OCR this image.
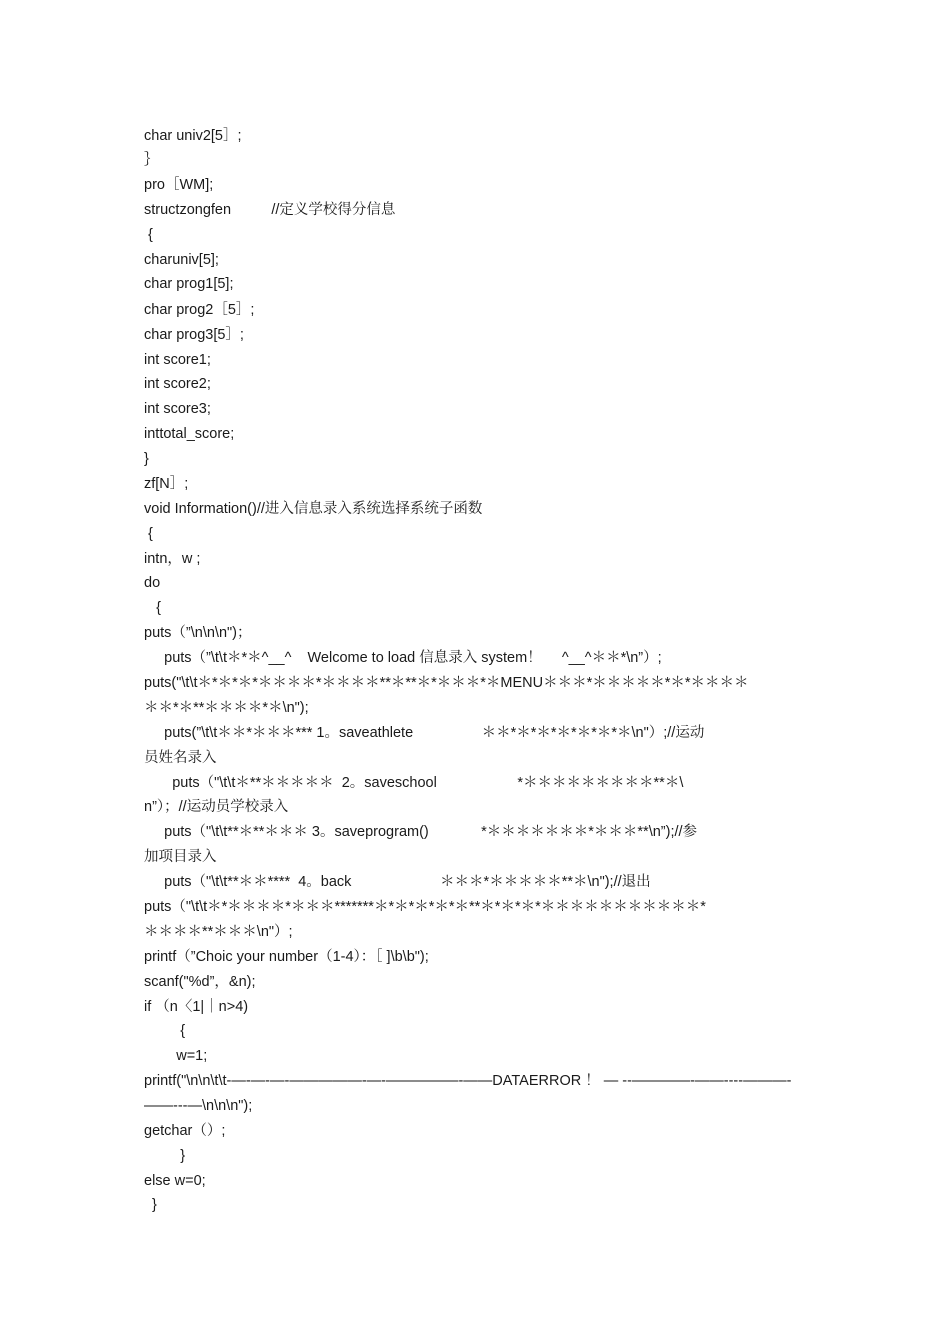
char univ2[5］;
｝
pro［WM];
structzongfen          //定义学校得分信息
{
charuniv[5];
char prog1[5];
char prog2［5］;
char prog3[5］;
int score1;
int score2;
int score3;
inttotal_score;
}
zf[N］;
void Information()//进入信息录入系统选择系统子函数
{
intn，w ;
do
{
puts（”\n\n\n")；
puts（”\t\t＊*＊^__^    Welcome to load 信息录入 system！     ^__^＊＊*\n”）;
puts("\t\t＊*＊*＊*＊＊＊＊*＊＊＊＊**＊**＊*＊＊＊*＊MENU＊＊＊*＊＊＊＊＊*＊*＊＊＊＊
＊＊*＊**＊＊＊＊*＊\n");
puts(”\t\t＊＊*＊＊＊*** 1。saveathlete                 ＊＊*＊*＊*＊*＊*＊*＊\n"）;//运动
员姓名录入
puts（"\t\t＊**＊＊＊＊＊  2。saveschool                    *＊＊＊＊＊＊＊＊＊**＊\
n”）；//运动员学校录入
puts（"\t\t**＊**＊＊＊ 3。saveprogram()             *＊＊＊＊＊＊＊*＊＊＊**\n”);//参
加项目录入
puts（"\t\t**＊＊****  4。back                      ＊＊＊*＊＊＊＊＊**＊\n");//退出
puts（"\t\t＊*＊＊＊＊*＊＊＊*******＊*＊*＊*＊*＊**＊*＊*＊*＊＊＊＊＊＊＊＊＊＊＊*
＊＊＊＊**＊＊＊\n"）;
printf（”Choic your number（1-4）：［ ]\b\b");
scanf("%d”，&n);
if （n〈1|｜n>4)
{
w=1;
printf("\n\n\t\t-—-—-—-—————-—-—————-——DATAERROR ！ — --————-——----———-
——---—\n\n\n");
getchar（）;
}
else w=0;
}
